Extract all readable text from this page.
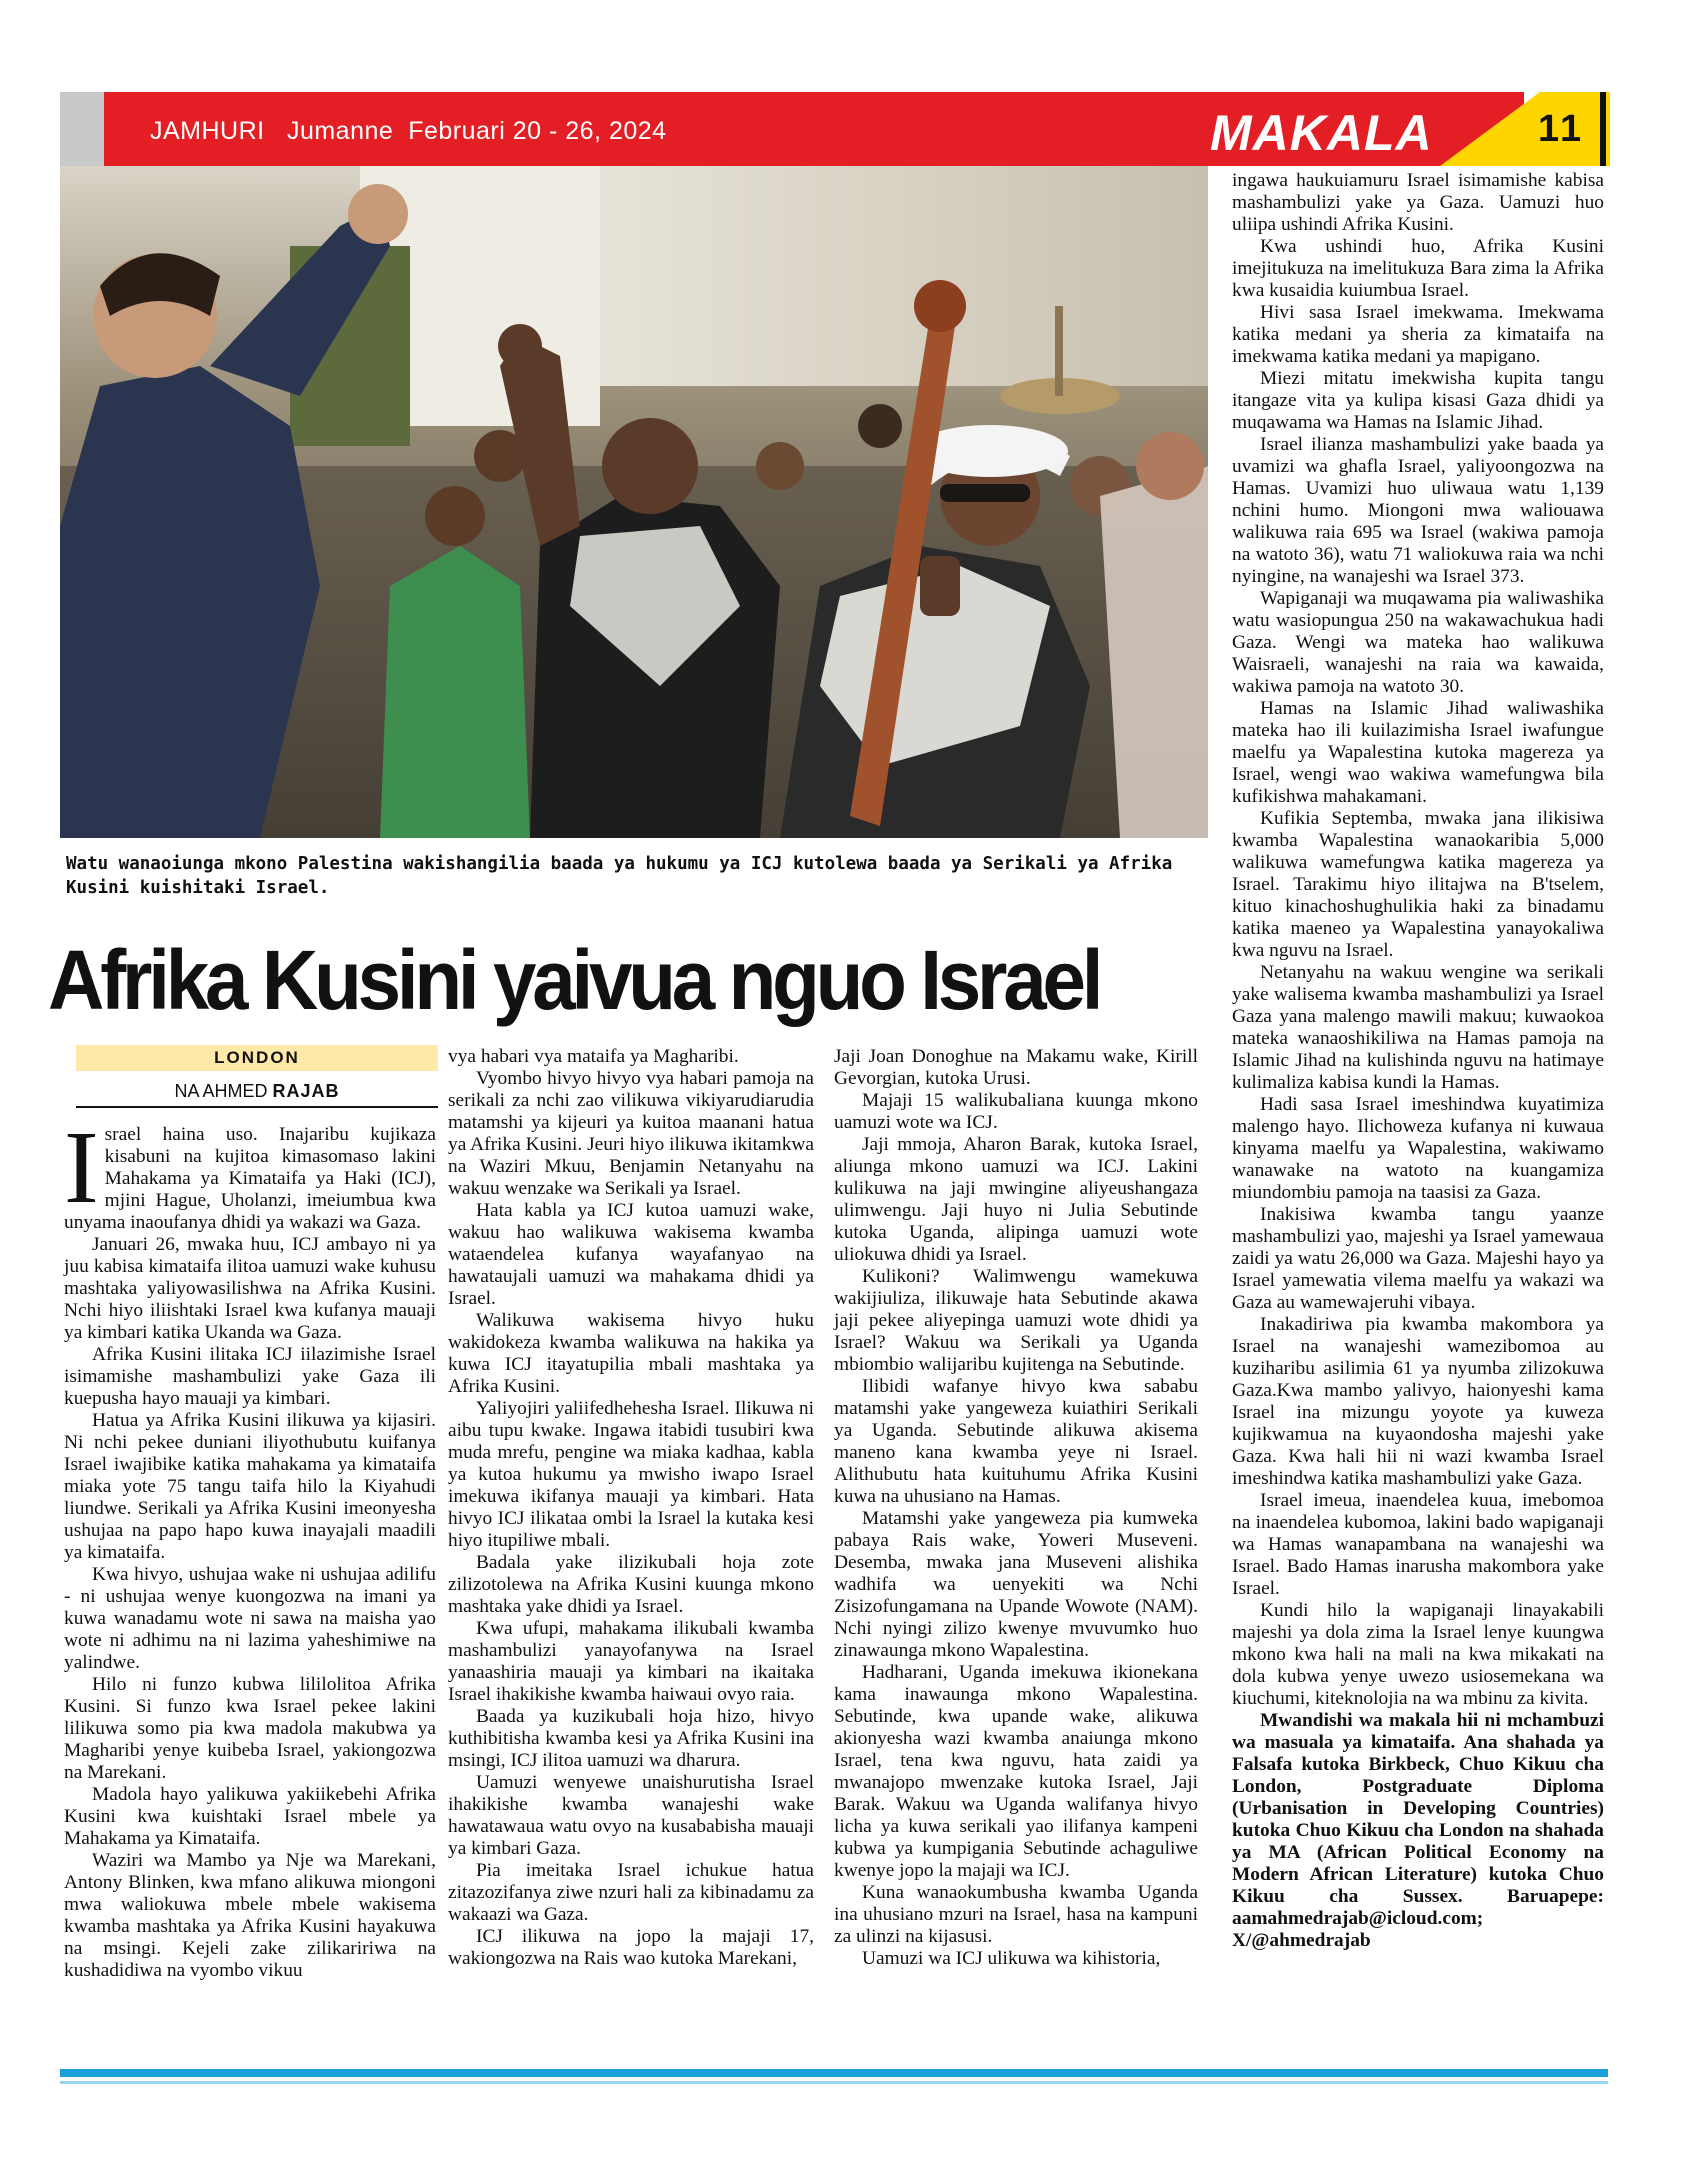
JAMHURI Jumanne  Februari 20 - 26, 2024	MAKALA	11
Watu wanaoiunga mkono Palestina wakishangilia baada ya hukumu ya ICJ kutolewa baada ya Serikali ya Afrika Kusini kuishitaki Israel.
Afrika Kusini yaivua nguo Israel
LONDON
NA AHMED RAJAB

Israel haina uso. Inajaribu kujikaza kisabuni na kujitoa kimasomaso lakini Mahakama ya Kimataifa ya Haki (ICJ), mjini Hague, Uholanzi, imeiumbua kwa unyama inaoufanya dhidi ya wakazi wa Gaza.

Januari 26, mwaka huu, ICJ ambayo ni ya juu kabisa kimataifa ilitoa uamuzi wake kuhusu mashtaka yaliyowasilishwa na Afrika Kusini. Nchi hiyo iliishtaki Israel kwa kufanya mauaji ya kimbari katika Ukanda wa Gaza.

Afrika Kusini ilitaka ICJ iilazimishe Israel isimamishe mashambulizi yake Gaza ili kuepusha hayo mauaji ya kimbari.

Hatua ya Afrika Kusini ilikuwa ya kijasiri. Ni nchi pekee duniani iliyothubutu kuifanya Israel iwajibike katika mahakama ya kimataifa miaka yote 75 tangu taifa hilo la Kiyahudi liundwe. Serikali ya Afrika Kusini imeonyesha ushujaa na papo hapo kuwa inayajali maadili ya kimataifa.

Kwa hivyo, ushujaa wake ni ushujaa adilifu - ni ushujaa wenye kuongozwa na imani ya kuwa wanadamu wote ni sawa na maisha yao wote ni adhimu na ni lazima yaheshimiwe na yalindwe.

Hilo ni funzo kubwa lililolitoa Afrika Kusini. Si funzo kwa Israel pekee lakini lilikuwa somo pia kwa madola makubwa ya Magharibi yenye kuibeba Israel, yakiongozwa na Marekani.

Madola hayo yalikuwa yakiikebehi Afrika Kusini kwa kuishtaki Israel mbele ya Mahakama ya Kimataifa.

Waziri wa Mambo ya Nje wa Marekani, Antony Blinken, kwa mfano alikuwa miongoni mwa waliokuwa mbele mbele wakisema kwamba mashtaka ya Afrika Kusini hayakuwa na msingi. Kejeli zake zilikaririwa na kushadidiwa na vyombo vikuu

vya habari vya mataifa ya Magharibi.

Vyombo hivyo hivyo vya habari pamoja na serikali za nchi zao vilikuwa vikiyarudiarudia matamshi ya kijeuri ya kuitoa maanani hatua ya Afrika Kusini. Jeuri hiyo ilikuwa ikitamkwa na Waziri Mkuu, Benjamin Netanyahu na wakuu wenzake wa Serikali ya Israel.

Hata kabla ya ICJ kutoa uamuzi wake, wakuu hao walikuwa wakisema kwamba wataendelea kufanya wayafanyao na hawataujali uamuzi wa mahakama dhidi ya Israel.

Walikuwa wakisema hivyo huku wakidokeza kwamba walikuwa na hakika ya kuwa ICJ itayatupilia mbali mashtaka ya Afrika Kusini.

Yaliyojiri yaliifedhehesha Israel. Ilikuwa ni aibu tupu kwake. Ingawa itabidi tusubiri kwa muda mrefu, pengine wa miaka kadhaa, kabla ya kutoa hukumu ya mwisho iwapo Israel imekuwa ikifanya mauaji ya kimbari. Hata hivyo ICJ ilikataa ombi la Israel la kutaka kesi hiyo itupiliwe mbali.

Badala yake ilizikubali hoja zote zilizotolewa na Afrika Kusini kuunga mkono mashtaka yake dhidi ya Israel.

Kwa ufupi, mahakama ilikubali kwamba mashambulizi yanayofanywa na Israel yanaashiria mauaji ya kimbari na ikaitaka Israel ihakikishe kwamba haiwaui ovyo raia.

Baada ya kuzikubali hoja hizo, hivyo kuthibitisha kwamba kesi ya Afrika Kusini ina msingi, ICJ ilitoa uamuzi wa dharura.

Uamuzi wenyewe unaishurutisha Israel ihakikishe kwamba wanajeshi wake hawatawaua watu ovyo na kusababisha mauaji ya kimbari Gaza.

Pia imeitaka Israel ichukue hatua zitazozifanya ziwe nzuri hali za kibinadamu za wakaazi wa Gaza.

ICJ ilikuwa na jopo la majaji 17, wakiongozwa na Rais wao kutoka Marekani,

Jaji Joan Donoghue na Makamu wake, Kirill Gevorgian, kutoka Urusi.

Majaji 15 walikubaliana kuunga mkono uamuzi wote wa ICJ.

Jaji mmoja, Aharon Barak, kutoka Israel, aliunga mkono uamuzi wa ICJ. Lakini kulikuwa na jaji mwingine aliyeushangaza ulimwengu. Jaji huyo ni Julia Sebutinde kutoka Uganda, alipinga uamuzi wote uliokuwa dhidi ya Israel.

Kulikoni? Walimwengu wamekuwa wakijiuliza, ilikuwaje hata Sebutinde akawa jaji pekee aliyepinga uamuzi wote dhidi ya Israel? Wakuu wa Serikali ya Uganda mbiombio walijaribu kujitenga na Sebutinde.

Ilibidi wafanye hivyo kwa sababu matamshi yake yangeweza kuiathiri Serikali ya Uganda. Sebutinde alikuwa akisema maneno kana kwamba yeye ni Israel. Alithubutu hata kuituhumu Afrika Kusini kuwa na uhusiano na Hamas.

Matamshi yake yangeweza pia kumweka pabaya Rais wake, Yoweri Museveni. Desemba, mwaka jana Museveni alishika wadhifa wa uenyekiti wa Nchi Zisizofungamana na Upande Wowote (NAM). Nchi nyingi zilizo kwenye mvuvumko huo zinawaunga mkono Wapalestina.

Hadharani, Uganda imekuwa ikionekana kama inawaunga mkono Wapalestina. Sebutinde, kwa upande wake, alikuwa akionyesha wazi kwamba anaiunga mkono Israel, tena kwa nguvu, hata zaidi ya mwanajopo mwenzake kutoka Israel, Jaji Barak. Wakuu wa Uganda walifanya hivyo licha ya kuwa serikali yao ilifanya kampeni kubwa ya kumpigania Sebutinde achaguliwe kwenye jopo la majaji wa ICJ.

Kuna wanaokumbusha kwamba Uganda ina uhusiano mzuri na Israel, hasa na kampuni za ulinzi na kijasusi.

Uamuzi wa ICJ ulikuwa wa kihistoria,

ingawa haukuiamuru Israel isimamishe kabisa mashambulizi yake ya Gaza. Uamuzi huo uliipa ushindi Afrika Kusini.

Kwa ushindi huo, Afrika Kusini imejitukuza na imelitukuza Bara zima la Afrika kwa kusaidia kuiumbua Israel.

Hivi sasa Israel imekwama. Imekwama katika medani ya sheria za kimataifa na imekwama katika medani ya mapigano.

Miezi mitatu imekwisha kupita tangu itangaze vita ya kulipa kisasi Gaza dhidi ya muqawama wa Hamas na Islamic Jihad.

Israel ilianza mashambulizi yake baada ya uvamizi wa ghafla Israel, yaliyoongozwa na Hamas. Uvamizi huo uliwaua watu 1,139 nchini humo. Miongoni mwa waliouawa walikuwa raia 695 wa Israel (wakiwa pamoja na watoto 36), watu 71 waliokuwa raia wa nchi nyingine, na wanajeshi wa Israel 373.

Wapiganaji wa muqawama pia waliwashika watu wasiopungua 250 na wakawachukua hadi Gaza. Wengi wa mateka hao walikuwa Waisraeli, wanajeshi na raia wa kawaida, wakiwa pamoja na watoto 30.

Hamas na Islamic Jihad waliwashika mateka hao ili kuilazimisha Israel iwafungue maelfu ya Wapalestina kutoka magereza ya Israel, wengi wao wakiwa wamefungwa bila kufikishwa mahakamani.

Kufikia Septemba, mwaka jana ilikisiwa kwamba Wapalestina wanaokaribia 5,000 walikuwa wamefungwa katika magereza ya Israel. Tarakimu hiyo ilitajwa na B'tselem, kituo kinachoshughulikia haki za binadamu katika maeneo ya Wapalestina yanayokaliwa kwa nguvu na Israel.

Netanyahu na wakuu wengine wa serikali yake walisema kwamba mashambulizi ya Israel Gaza yana malengo mawili makuu; kuwaokoa mateka wanaoshikiliwa na Hamas pamoja na Islamic Jihad na kulishinda nguvu na hatimaye kulimaliza kabisa kundi la Hamas.

Hadi sasa Israel imeshindwa kuyatimiza malengo hayo. Ilichoweza kufanya ni kuwaua kinyama maelfu ya Wapalestina, wakiwamo wanawake na watoto na kuangamiza miundombiu pamoja na taasisi za Gaza.

Inakisiwa kwamba tangu yaanze mashambulizi yao, majeshi ya Israel yamewaua zaidi ya watu 26,000 wa Gaza. Majeshi hayo ya Israel yamewatia vilema maelfu ya wakazi wa Gaza au wamewajeruhi vibaya.

Inakadiriwa pia kwamba makombora ya Israel na wanajeshi wamezibomoa au kuziharibu asilimia 61 ya nyumba zilizokuwa Gaza.Kwa mambo yalivyo, haionyeshi kama Israel ina mizungu yoyote ya kuweza kujikwamua na kuyaondosha majeshi yake Gaza. Kwa hali hii ni wazi kwamba Israel imeshindwa katika mashambulizi yake Gaza.

Israel imeua, inaendelea kuua, imebomoa na inaendelea kubomoa, lakini bado wapiganaji wa Hamas wanapambana na wanajeshi wa Israel. Bado Hamas inarusha makombora yake Israel.

Kundi hilo la wapiganaji linayakabili majeshi ya dola zima la Israel lenye kuungwa mkono kwa hali na mali na kwa mikakati na dola kubwa yenye uwezo usiosemekana wa kiuchumi, kiteknolojia na wa mbinu za kivita.

Mwandishi wa makala hii ni mchambuzi wa masuala ya kimataifa. Ana shahada ya Falsafa kutoka Birkbeck, Chuo Kikuu cha London, Postgraduate Diploma (Urbanisation in Developing Countries) kutoka Chuo Kikuu cha London na shahada ya MA (African Political Economy na Modern African Literature) kutoka Chuo Kikuu cha Sussex. Baruapepe: aamahmedrajab@icloud.com; X/@ahmedrajab
